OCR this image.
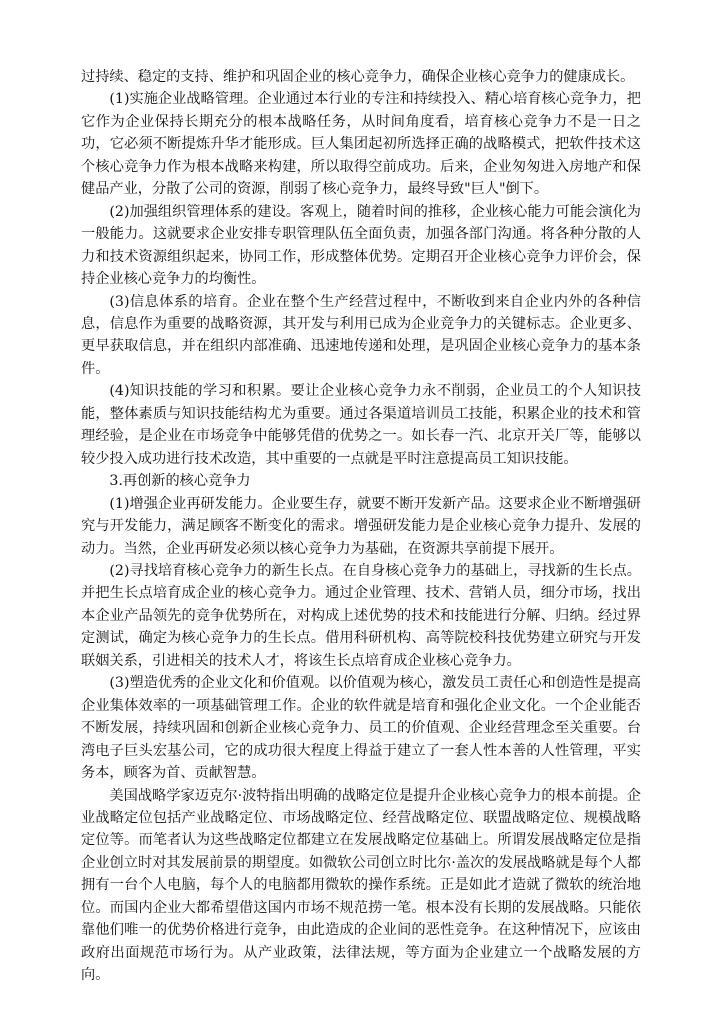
过持续、稳定的支持、维护和巩固企业的核心竞争力，确保企业核心竞争力的健康成长。

(1)实施企业战略管理。企业通过本行业的专注和持续投入、精心培育核心竞争力，把它作为企业保持长期充分的根本战略任务，从时间角度看，培育核心竞争力不是一日之功，它必须不断提炼升华才能形成。巨人集团起初所选择正确的战略模式，把软件技术这个核心竞争力作为根本战略来构建，所以取得空前成功。后来，企业匆匆进入房地产和保健品产业，分散了公司的资源，削弱了核心竞争力，最终导致"巨人"倒下。

(2)加强组织管理体系的建设。客观上，随着时间的推移，企业核心能力可能会演化为一般能力。这就要求企业安排专职管理队伍全面负责，加强各部门沟通。将各种分散的人力和技术资源组织起来，协同工作，形成整体优势。定期召开企业核心竞争力评价会，保持企业核心竞争力的均衡性。

(3)信息体系的培育。企业在整个生产经营过程中，不断收到来自企业内外的各种信息，信息作为重要的战略资源，其开发与利用已成为企业竞争力的关键标志。企业更多、更早获取信息，并在组织内部准确、迅速地传递和处理，是巩固企业核心竞争力的基本条件。

(4)知识技能的学习和积累。要让企业核心竞争力永不削弱，企业员工的个人知识技能，整体素质与知识技能结构尤为重要。通过各渠道培训员工技能，积累企业的技术和管理经验，是企业在市场竞争中能够凭借的优势之一。如长春一汽、北京开关厂等，能够以较少投入成功进行技术改造，其中重要的一点就是平时注意提高员工知识技能。

3.再创新的核心竞争力

(1)增强企业再研发能力。企业要生存，就要不断开发新产品。这要求企业不断增强研究与开发能力，满足顾客不断变化的需求。增强研发能力是企业核心竞争力提升、发展的动力。当然，企业再研发必须以核心竞争力为基础，在资源共享前提下展开。

(2)寻找培育核心竞争力的新生长点。在自身核心竞争力的基础上，寻找新的生长点。并把生长点培育成企业的核心竞争力。通过企业管理、技术、营销人员，细分市场，找出本企业产品领先的竞争优势所在，对构成上述优势的技术和技能进行分解、归纳。经过界定测试，确定为核心竞争力的生长点。借用科研机构、高等院校科技优势建立研究与开发联姻关系，引进相关的技术人才，将该生长点培育成企业核心竞争力。

(3)塑造优秀的企业文化和价值观。以价值观为核心，激发员工责任心和创造性是提高企业集体效率的一项基础管理工作。企业的软件就是培育和强化企业文化。一个企业能否不断发展，持续巩固和创新企业核心竞争力、员工的价值观、企业经营理念至关重要。台湾电子巨头宏基公司，它的成功很大程度上得益于建立了一套人性本善的人性管理，平实务本，顾客为首、贡献智慧。

美国战略学家迈克尔·波特指出明确的战略定位是提升企业核心竞争力的根本前提。企业战略定位包括产业战略定位、市场战略定位、经营战略定位、联盟战略定位、规模战略定位等。而笔者认为这些战略定位都建立在发展战略定位基础上。所谓发展战略定位是指企业创立时对其发展前景的期望度。如微软公司创立时比尔·盖次的发展战略就是每个人都拥有一台个人电脑，每个人的电脑都用微软的操作系统。正是如此才造就了微软的统治地位。而国内企业大都希望借这国内市场不规范捞一笔。根本没有长期的发展战略。只能依靠他们唯一的优势价格进行竞争，由此造成的企业间的恶性竞争。在这种情况下，应该由政府出面规范市场行为。从产业政策，法律法规，等方面为企业建立一个战略发展的方向。
